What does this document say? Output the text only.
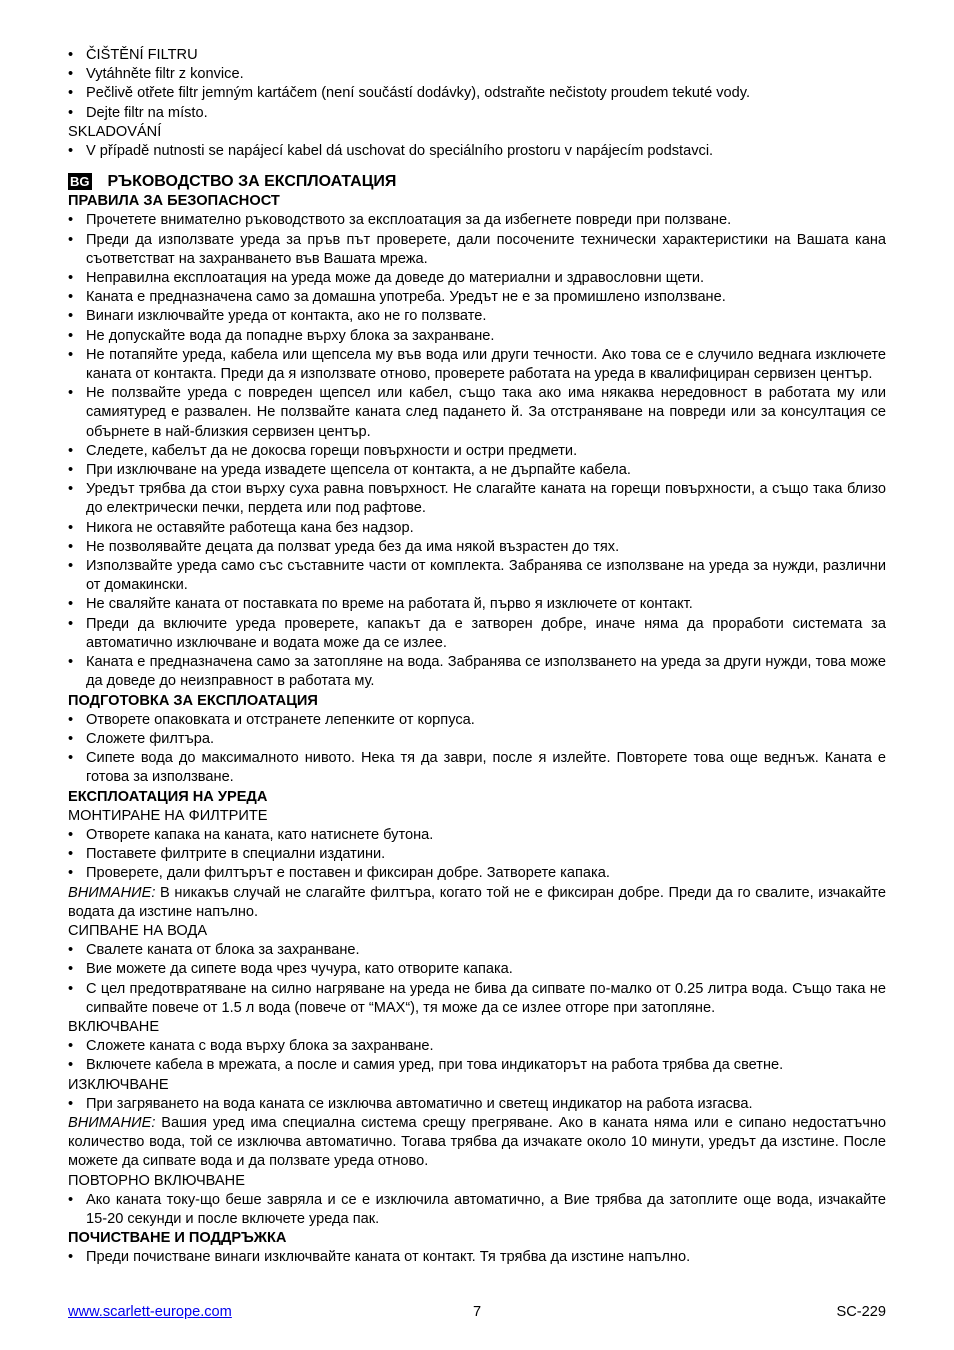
• ČIŠTĚNÍ FILTRU
• Vytáhněte filtr z konvice.
• Pečlivě otřete filtr jemným kartáčem (není součástí dodávky), odstraňte nečistoty proudem tekuté vody.
• Dejte filtr na místo.
SKLADOVÁNÍ
• V případě nutnosti se napájecí kabel dá uschovat do speciálního prostoru v napájecím podstavci.
BG РЪКОВОДСТВО ЗА ЕКСПЛОАТАЦИЯ
ПРАВИЛА ЗА БЕЗОПАСНОСТ
• Прочетете внимателно ръководството за експлоатация за да избегнете повреди при ползване.
• Преди да използвате уреда за пръв път проверете, дали посочените технически характеристики на Вашата кана съответстват на захранването във Вашата мрежа.
• Неправилна експлоатация на уреда може да доведе до материални и здравословни щети.
• Каната е предназначена само за домашна употреба. Уредът не е за промишлено използване.
• Винаги изключвайте уреда от контакта, ако не го ползвате.
• Не допускайте вода да попадне върху блока за захранване.
• Не потапяйте уреда, кабела или щепсела му във вода или други течности. Ако това се е случило веднага изключете каната от контакта. Преди да я използвате отново, проверете работата на уреда в квалифициран сервизен център.
• Не ползвайте уреда с повреден щепсел или кабел, също така ако има някаква нередовност в работата му или самиятуред е развален. Не ползвайте каната след падането й. За отстраняване на повреди или за консултация се обърнете в най-близкия сервизен център.
• Следете, кабелът да не докосва горещи повърхности и остри предмети.
• При изключване на уреда извадете щепсела от контакта, а не дърпайте кабела.
• Уредът трябва да стои върху суха равна повърхност. Не слагайте каната на горещи повърхности, а също така близо до електрически печки, пердета или под рафтове.
• Никога не оставяйте работеща кана без надзор.
• Не позволявайте децата да ползват уреда без да има някой възрастен до тях.
• Използвайте уреда само със съставните части от комплекта. Забранява се използване на уреда за нужди, различни от домакински.
• Не сваляйте каната от поставката по време на работата й, първо я изключете от контакт.
• Преди да включите уреда проверете, капакът да е затворен добре, иначе няма да проработи системата за автоматично изключване и водата може да се излее.
• Каната е предназначена само за затопляне на вода. Забранява се използването на уреда за други нужди, това може да доведе до неизправност в работата му.
ПОДГОТОВКА ЗА ЕКСПЛОАТАЦИЯ
• Отворете опаковката и отстранете лепенките от корпуса.
• Сложете филтъра.
• Сипете вода до максималното нивото. Нека тя да заври, после я излейте. Повторете това още веднъж. Каната е готова за използване.
ЕКСПЛОАТАЦИЯ НА УРЕДА
МОНТИРАНЕ НА ФИЛТРИТЕ
• Отворете капака на каната, като натиснете бутона.
• Поставете филтрите в специални издатини.
• Проверете, дали филтърът е поставен и фиксиран добре. Затворете капака.
ВНИМАНИЕ: В никакъв случай не слагайте филтъра, когато той не е фиксиран добре. Преди да го свалите, изчакайте водата да изстине напълно.
СИПВАНЕ НА ВОДА
• Свалете каната от блока за захранване.
• Вие можете да сипете вода чрез чучура, като отворите капака.
• С цел предотвратяване на силно нагряване на уреда не бива да сипвате по-малко от 0.25 литра вода. Също така не сипвайте повече от 1.5 л вода (повече от “MAX“), тя може да се излее отгоре при затопляне.
ВКЛЮЧВАНЕ
• Сложете каната с вода върху блока за захранване.
• Включете кабела в мрежата, а после и самия уред, при това индикаторът на работа трябва да светне.
ИЗКЛЮЧВАНЕ
• При загряването на вода каната се изключва автоматично и светещ индикатор на работа изгасва.
ВНИМАНИЕ: Вашия уред има специална система срещу прегряване. Ако в каната няма или е сипано недостатъчно количество вода, той се изключва автоматично. Тогава трябва да изчакате около 10 минути, уредът да изстине. После можете да сипвате вода и да ползвате уреда отново.
ПОВТОРНО ВКЛЮЧВАНЕ
• Ако каната току-що беше завряла и се е изключила автоматично, а Вие трябва да затоплите още вода, изчакайте 15-20 секунди и после включете уреда пак.
ПОЧИСТВАНЕ И ПОДДРЪЖКА
• Преди почистване винаги изключвайте каната от контакт. Тя трябва да изстине напълно.
www.scarlett-europe.com	7	SC-229
